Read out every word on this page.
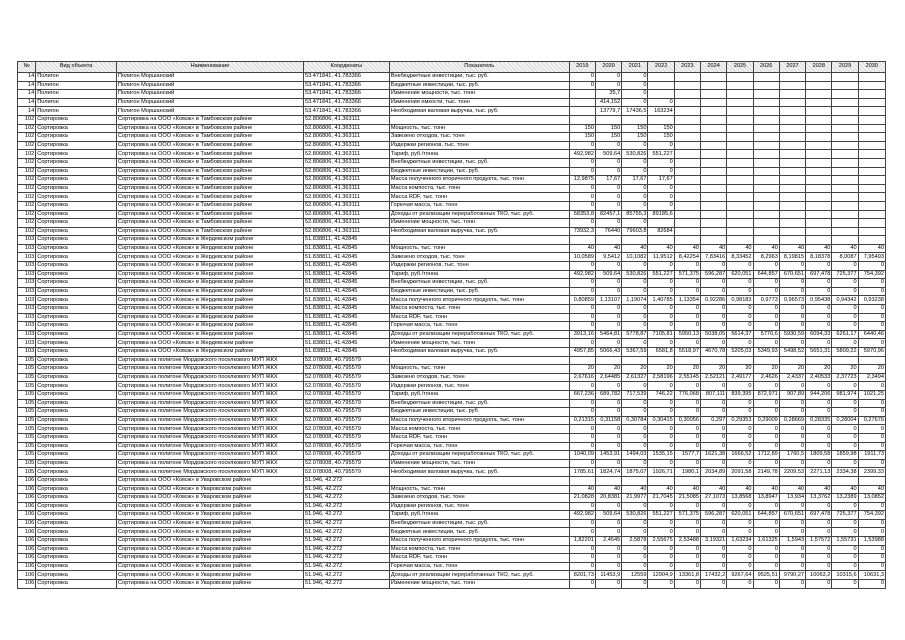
№	Вид объекта	Наименование	Координаты	Показатель	2019	2020	2021	2022	2023	2024	2025	2026	2027	2028	2029	2030
14	Полигон	Полигон Моршанский	53.471841, 41.783366	Внебюджетные инвестиции, тыс. руб.	0	0	0									
14	Полигон	Полигон Моршанский	53.471841, 41.783366	Бюджетные инвестиции, тыс. руб.	0	0	0									
14	Полигон	Полигон Моршанский	53.471841, 41.783366	Изменение мощности, тыс. тонн		35,7	0									
14	Полигон	Полигон Моршанский	53.471841, 41.783366	Изменения емкости, тыс. тонн		414,152	0	0								
14	Полигон	Полигон Моршанский	53.471841, 41.783366	Необходимая валовая выручка, тыс. руб.		13779,7	17436,5	163234								
102	Сортировка	Сортировка на ООО «Комэк» в Тамбовском районе	52.806806, 41.363111													
102	Сортировка	Сортировка на ООО «Комэк» в Тамбовском районе	52.806806, 41.363111	Мощность, тыс. тонн	150	150	150	150								
102	Сортировка	Сортировка на ООО «Комэк» в Тамбовском районе	52.806806, 41.363111	Завезено отходов, тыс. тонн	150	150	150	150								
102	Сортировка	Сортировка на ООО «Комэк» в Тамбовском районе	52.806806, 41.363111	Издержки регионов, тыс. тонн	0	0	0	0								
102	Сортировка	Сортировка на ООО «Комэк» в Тамбовском районе	52.806806, 41.363111	Тариф, руб./тонна	492,982	509,64	530,826	551,227								
102	Сортировка	Сортировка на ООО «Комэк» в Тамбовском районе	52.806806, 41.363111	Внебюджетные инвестиции, тыс. руб.	0	0	0	0								
102	Сортировка	Сортировка на ООО «Комэк» в Тамбовском районе	52.806806, 41.363111	Бюджетные инвестиции, тыс. руб.	0	0	0	0								
102	Сортировка	Сортировка на ООО «Комэк» в Тамбовском районе	52.806806, 41.363111	Масса полученного вторичного продукта, тыс. тонн	12,9875	17,67	17,67	17,67								
102	Сортировка	Сортировка на ООО «Комэк» в Тамбовском районе	52.806806, 41.363111	Масса компоста, тыс. тонн	0	0	0	0								
102	Сортировка	Сортировка на ООО «Комэк» в Тамбовском районе	52.806806, 41.363111	Масса RDF, тыс. тонн	0	0	0	0								
102	Сортировка	Сортировка на ООО «Комэк» в Тамбовском районе	52.806806, 41.363111	Горючая масса, тыс. тонн	0	0	0	0								
102	Сортировка	Сортировка на ООО «Комэк» в Тамбовском районе	52.806806, 41.363111	Доходы от реализации переработанных ТКО, тыс. руб.	58353,8	82457,1	85755,3	89185,6								
102	Сортировка	Сортировка на ООО «Комэк» в Тамбовском районе	52.806806, 41.363111	Изменение мощности, тыс. тонн	0	0	0									
102	Сортировка	Сортировка на ООО «Комэк» в Тамбовском районе	52.806806, 41.363111	Необходимая валовая выручка, тыс. руб.	73932,3	76440	79603,8	82684								
103	Сортировка	Сортировка на ООО «Комэк» в Жердевском районе	51.838811, 41.42845													
103	Сортировка	Сортировка на ООО «Комэк» в Жердевском районе	51.838811, 41.42845	Мощность, тыс. тонн	40	40	40	40	40	40	40	40	40	40	40	40
103	Сортировка	Сортировка на ООО «Комэк» в Жердевском районе	51.838811, 41.42845	Завезено отходов, тыс. тонн	10,0589	9,5412	10,1082	11,9512	8,42254	7,83416	8,33452	8,2963	8,19815	8,18378	8,0087	7,95493
103	Сортировка	Сортировка на ООО «Комэк» в Жердевском районе	51.838811, 41.42845	Издержки регионов, тыс. тонн	0	0	0	0	0	0	0	0	0	0	0	0
103	Сортировка	Сортировка на ООО «Комэк» в Жердевском районе	51.838811, 41.42845	Тариф, руб./тонна	492,982	509,64	530,826	551,227	571,375	596,287	620,051	644,857	670,651	697,478	725,377	754,392
103	Сортировка	Сортировка на ООО «Комэк» в Жердевском районе	51.838811, 41.42845	Внебюджетные инвестиции, тыс. руб.	0	0	0	0	0	0	0	0	0	0	0	0
103	Сортировка	Сортировка на ООО «Комэк» в Жердевском районе	51.838811, 41.42845	Бюджетные инвестиции, тыс. руб.	0	0	0	0	0	0	0	0	0	0	0	0
103	Сортировка	Сортировка на ООО «Комэк» в Жердевском районе	51.838811, 41.42845	Масса полученного вторичного продукта, тыс. тонн	0,80859	1,13107	1,19074	1,40785	1,13354	0,92286	0,98183	0,9773	0,96573	0,95438	0,94342	0,93238
103	Сортировка	Сортировка на ООО «Комэк» в Жердевском районе	51.838811, 41.42845	Масса компоста, тыс. тонн	0	0	0	0	0	0	0	0	0	0	0	0
103	Сортировка	Сортировка на ООО «Комэк» в Жердевском районе	51.838811, 41.42845	Масса RDF, тыс. тонн	0	0	0	0	0	0	0	0	0	0	0	0
103	Сортировка	Сортировка на ООО «Комэк» в Жердевском районе	51.838811, 41.42845	Горючая масса, тыс. тонн	0	0	0	0	0	0	0	0	0	0	0	0
103	Сортировка	Сортировка на ООО «Комэк» в Жердевском районе	51.838811, 41.42845	Доходы от реализации переработанных ТКО, тыс. руб.	3913,16	5464,81	5778,87	7105,81	5950,13	5038,05	5614,37	5770,6	5930,59	6094,33	6261,17	6440,46
103	Сортировка	Сортировка на ООО «Комэк» в Жердевском районе	51.838811, 41.42845	Изменение мощности, тыс. тонн	0	0	0	0	0	0	0	0	0	0	0	0
103	Сортировка	Сортировка на ООО «Комэк» в Жердевском районе	51.838811, 41.42845	Необходимая валовая выручка, тыс. руб.	4957,85	5066,43	5367,59	6581,8	5518,97	4670,78	5205,03	5349,93	5498,52	5651,31	5809,22	5970,96
105	Сортировка	Сортировка на полигоне Мордовского поселкового МУП ЖКХ	52.078008, 40.795579													
105	Сортировка	Сортировка на полигоне Мордовского поселкового МУП ЖКХ	52.078008, 40.795579	Мощность, тыс. тонн	20	20	20	20	20	20	20	20	20	20	20	20
105	Сортировка	Сортировка на полигоне Мордовского поселкового МУП ЖКХ	52.078008, 40.795579	Завезено отходов, тыс. тонн	2,67616	2,64485	2,61327	2,58196	2,55145	2,52121	2,49177	2,4626	2,4337	2,40533	2,37723	2,3494
105	Сортировка	Сортировка на полигоне Мордовского поселкового МУП ЖКХ	52.078008, 40.795579	Издержки регионов, тыс. тонн	0	0	0	0	0	0	0	0	0	0	0	0
105	Сортировка	Сортировка на полигоне Мордовского поселкового МУП ЖКХ	52.078008, 40.795579	Тариф, руб./тонна	667,236	689,782	717,539	746,22	776,068	807,111	839,395	872,971	907,89	944,206	981,974	1021,25
105	Сортировка	Сортировка на полигоне Мордовского поселкового МУП ЖКХ	52.078008, 40.795579	Внебюджетные инвестиции, тыс. руб.	0	0	0	0	0	0	0	0	0	0	0	0
105	Сортировка	Сортировка на полигоне Мордовского поселкового МУП ЖКХ	52.078008, 40.795579	Бюджетные инвестиции, тыс. руб.	0	0	0	0	0	0	0	0	0	0	0	0
105	Сортировка	Сортировка на полигоне Мордовского поселкового МУП ЖКХ	52.078008, 40.795579	Масса полученного вторичного продукта, тыс. тонн	0,21315	0,31158	0,30784	0,30415	0,30056	0,297	0,29353	0,29009	0,28669	0,28335	0,28004	0,27676
105	Сортировка	Сортировка на полигоне Мордовского поселкового МУП ЖКХ	52.078008, 40.795579	Масса компоста, тыс. тонн	0	0	0	0	0	0	0	0	0	0	0	0
105	Сортировка	Сортировка на полигоне Мордовского поселкового МУП ЖКХ	52.078008, 40.795579	Масса RDF, тыс. тонн	0	0	0	0	0	0	0	0	0	0	0	0
105	Сортировка	Сортировка на полигоне Мордовского поселкового МУП ЖКХ	52.078008, 40.795579	Горючая масса, тыс. тонн	0	0	0	0	0	0	0	0	0	0	0	0
105	Сортировка	Сортировка на полигоне Мордовского поселкового МУП ЖКХ	52.078008, 40.795579	Доходы от реализации переработанных ТКО, тыс. руб.	1040,09	1453,91	1494,03	1535,15	1577,7	1621,38	1666,52	1712,89	1760,5	1809,58	1859,98	1911,73
105	Сортировка	Сортировка на полигоне Мордовского поселкового МУП ЖКХ	52.078008, 40.795579	Изменение мощности, тыс. тонн	0	0	0	0	0	0	0	0	0	0	0	0
105	Сортировка	Сортировка на полигоне Мордовского поселкового МУП ЖКХ	52.078008, 40.795579	Необходимая валовая выручка, тыс. руб.	1785,61	1824,74	1875,07	1926,71	1980,1	2034,89	2091,58	2149,78	2209,53	2271,13	2334,38	2399,33
106	Сортировка	Сортировка на ООО «Комэк» в Уваровском районе	51.946, 42.272													
106	Сортировка	Сортировка на ООО «Комэк» в Уваровском районе	51.946, 42.272	Мощность, тыс. тонн	40	40	40	40	40	40	40	40	40	40	40	40
106	Сортировка	Сортировка на ООО «Комэк» в Уваровском районе	51.946, 42.272	Завезено отходов, тыс. тонн	21,0828	20,8381	21,9977	21,7045	21,5085	27,1073	13,8568	13,8947	13,934	13,3762	13,2389	13,0852
106	Сортировка	Сортировка на ООО «Комэк» в Уваровском районе	51.946, 42.272	Издержки регионов, тыс. тонн	0	0	0	0	0	0	0	0	0	0	0	0
106	Сортировка	Сортировка на ООО «Комэк» в Уваровском районе	51.946, 42.272	Тариф, руб./тонна	492,982	509,64	530,826	551,227	571,375	596,287	620,051	644,857	670,651	697,478	725,377	754,392
106	Сортировка	Сортировка на ООО «Комэк» в Уваровском районе	51.946, 42.272	Внебюджетные инвестиции, тыс. руб.	0	0	0	0	0	0	0	0	0	0	0	0
106	Сортировка	Сортировка на ООО «Комэк» в Уваровском районе	51.946, 42.272	Бюджетные инвестиции, тыс. руб.	0	0	0	0	0	0	0	0	0	0	0	0
106	Сортировка	Сортировка на ООО «Комэк» в Уваровском районе	51.946, 42.272	Масса полученного вторичного продукта, тыс. тонн	1,82201	2,4545	2,5878	2,55675	2,53488	3,19321	1,63234	1,61325	1,5943	1,57572	1,55731	1,53988
106	Сортировка	Сортировка на ООО «Комэк» в Уваровском районе	51.946, 42.272	Масса компоста, тыс. тонн	0	0	0	0	0	0	0	0	0	0	0	0
106	Сортировка	Сортировка на ООО «Комэк» в Уваровском районе	51.946, 42.272	Масса RDF, тыс. тонн	0	0	0	0	0	0	0	0	0	0	0	0
106	Сортировка	Сортировка на ООО «Комэк» в Уваровском районе	51.946, 42.272	Горючая масса, тыс. тонн	0	0	0	0	0	0	0	0	0	0	0	0
106	Сортировка	Сортировка на ООО «Комэк» в Уваровском районе	51.946, 42.272	Доходы от реализации переработанных ТКО, тыс. руб.	8201,73	11453,9	12559	12904,9	13361,8	17432,2	9267,64	9525,51	9790,27	10063,2	10315,6	10631,3
106	Сортировка	Сортировка на ООО «Комэк» в Уваровском районе	51.946, 42.272	Изменение мощности, тыс. тонн	0	0	0	0	0	0	0	0	0	0	0	0
